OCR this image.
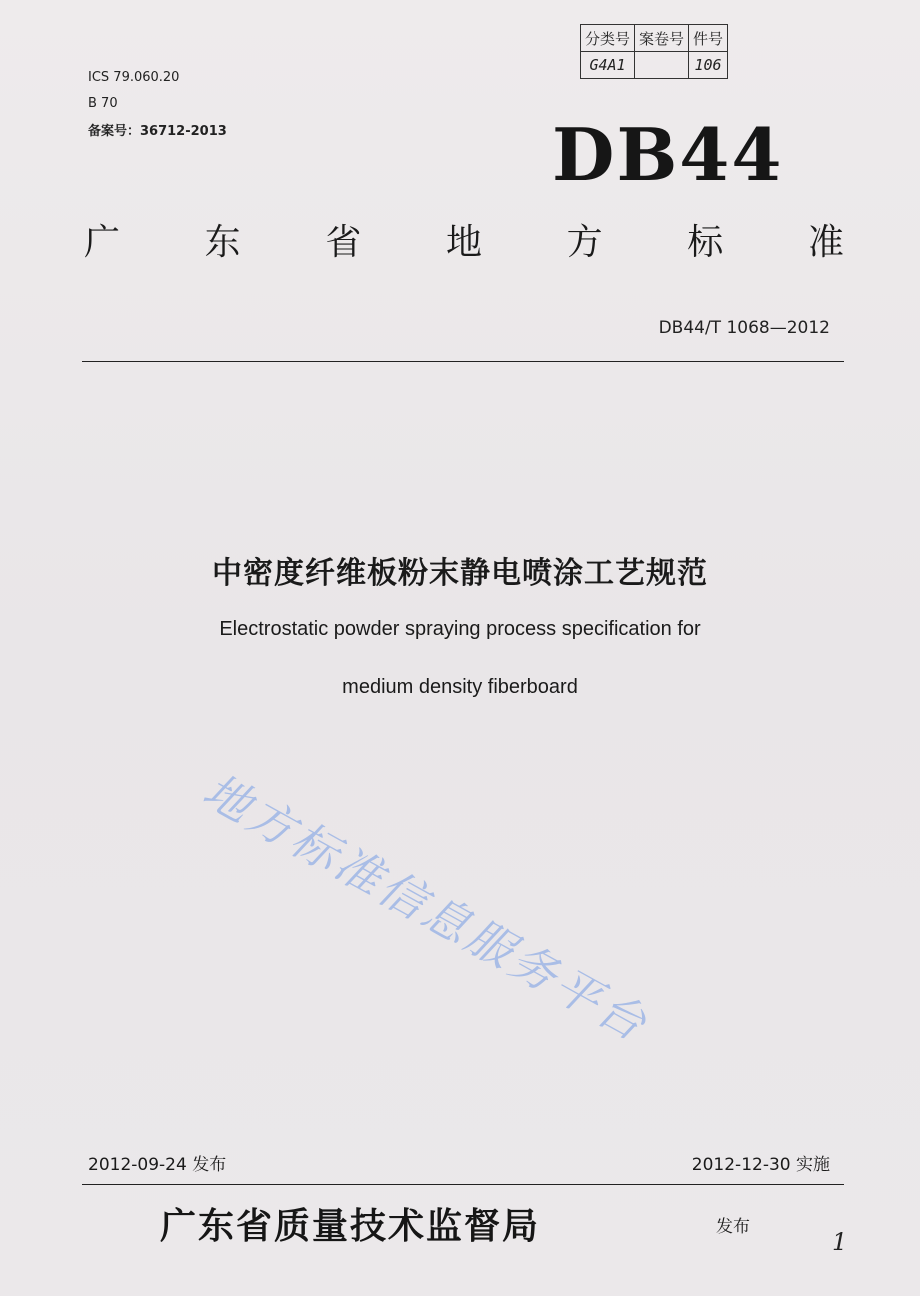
ICS 79.060.20
B 70
备案号：36712-2013
分类号	案卷号	件号
G4A1		106
DB44
广 东 省 地 方 标 准
DB44/T 1068—2012
中密度纤维板粉末静电喷涂工艺规范
Electrostatic powder spraying process specification for
medium density fiberboard
地方标准信息服务平台
2012-09-24 发布	2012-12-30 实施
广东省质量技术监督局	发布
1
